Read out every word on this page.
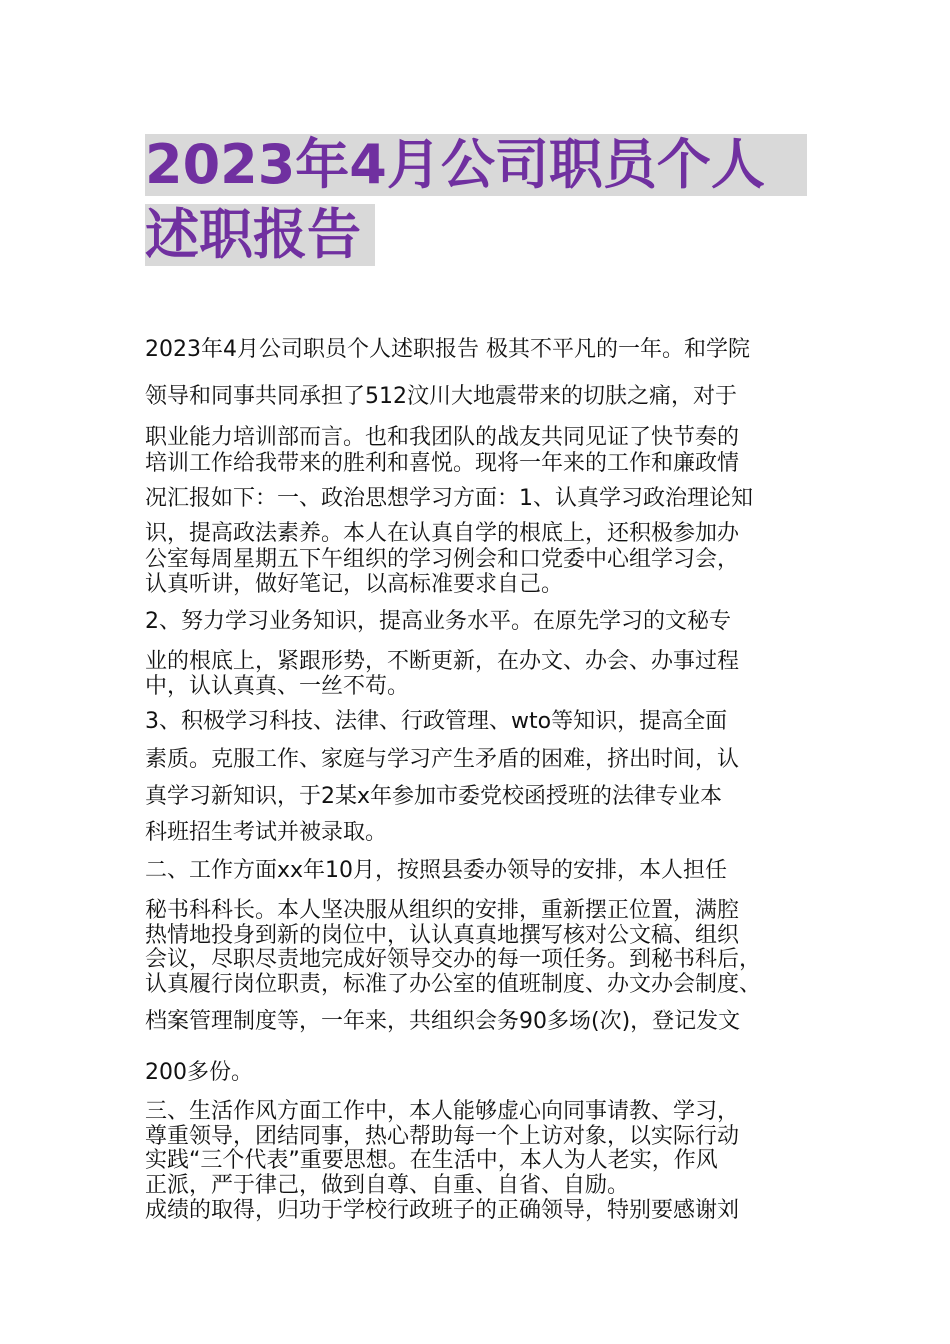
2023年4月公司职员个人
述职报告
2023年4月公司职员个人述职报告 极其不平凡的一年。和学院
领导和同事共同承担了512汶川大地震带来的切肤之痛，对于
职业能力培训部而言。也和我团队的战友共同见证了快节奏的
培训工作给我带来的胜利和喜悦。现将一年来的工作和廉政情
况汇报如下：一、政治思想学习方面：1、认真学习政治理论知
识，提高政法素养。本人在认真自学的根底上，还积极参加办
公室每周星期五下午组织的学习例会和口党委中心组学习会，
认真听讲，做好笔记，以高标准要求自己。
2、努力学习业务知识，提高业务水平。在原先学习的文秘专
业的根底上，紧跟形势，不断更新，在办文、办会、办事过程
中，认认真真、一丝不苟。
3、积极学习科技、法律、行政管理、wto等知识，提高全面
素质。克服工作、家庭与学习产生矛盾的困难，挤出时间，认
真学习新知识，于2某x年参加市委党校函授班的法律专业本
科班招生考试并被录取。
二、工作方面xx年10月，按照县委办领导的安排，本人担任
秘书科科长。本人坚决服从组织的安排，重新摆正位置，满腔
热情地投身到新的岗位中，认认真真地撰写核对公文稿、组织
会议，尽职尽责地完成好领导交办的每一项任务。到秘书科后，
认真履行岗位职责，标准了办公室的值班制度、办文办会制度、
档案管理制度等，一年来，共组织会务90多场(次)，登记发文
200多份。
三、生活作风方面工作中，本人能够虚心向同事请教、学习，
尊重领导，团结同事，热心帮助每一个上访对象，以实际行动
实践“三个代表”重要思想。在生活中，本人为人老实，作风
正派，严于律己，做到自尊、自重、自省、自励。
成绩的取得，归功于学校行政班子的正确领导，特别要感谢刘
